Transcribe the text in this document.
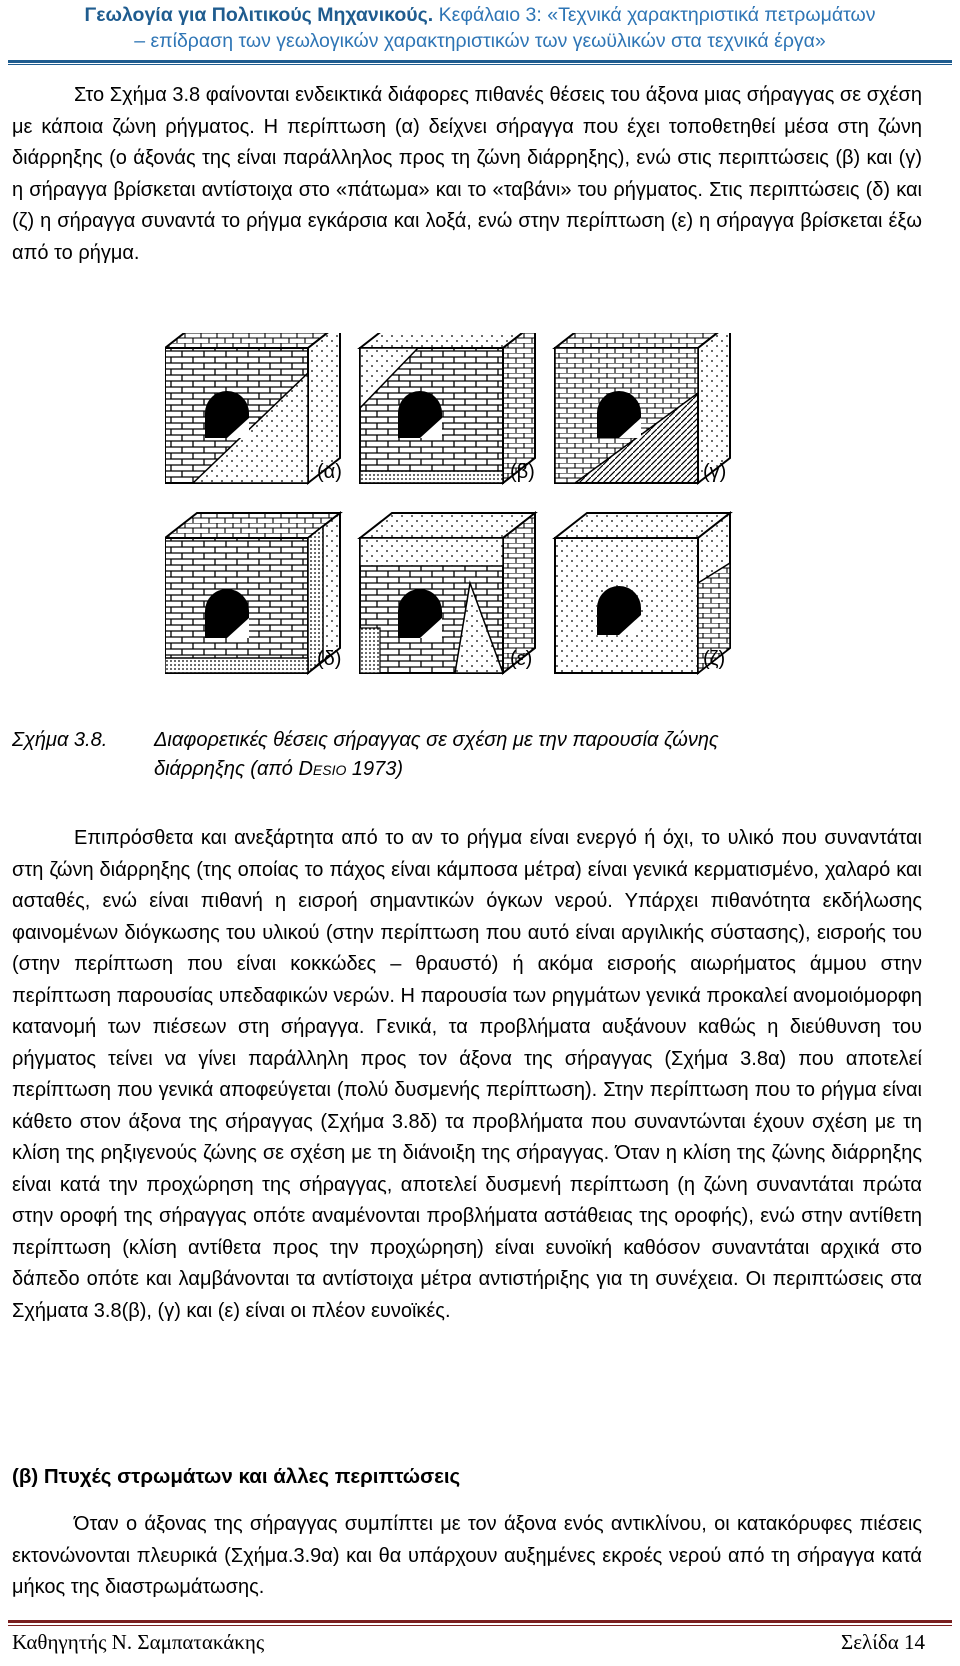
Γεωλογία για Πολιτικούς Μηχανικούς. Κεφάλαιο 3: «Τεχνικά χαρακτηριστικά πετρωμάτων
– επίδραση των γεωλογικών χαρακτηριστικών των γεωϋλικών στα τεχνικά έργα»

Στο Σχήμα 3.8 φαίνονται ενδεικτικά διάφορες πιθανές θέσεις του άξονα μιας σήραγγας σε σχέση με κάποια ζώνη ρήγματος. Η περίπτωση (α) δείχνει σήραγγα που έχει τοποθετηθεί μέσα στη ζώνη διάρρηξης (ο άξονάς της είναι παράλληλος προς τη ζώνη διάρρηξης), ενώ στις περιπτώσεις (β) και (γ) η σήραγγα βρίσκεται αντίστοιχα στο «πάτωμα» και το «ταβάνι» του ρήγματος. Στις περιπτώσεις (δ) και (ζ) η σήραγγα συναντά το ρήγμα εγκάρσια και λοξά, ενώ στην περίπτωση (ε) η σήραγγα βρίσκεται έξω από το ρήγμα.

(α)	(β)	(γ)
(δ)	(ε)	(ζ)
Σχήμα 3.8. Διαφορετικές θέσεις σήραγγας σε σχέση με την παρουσία ζώνης
διάρρηξης (από Desio 1973)

Επιπρόσθετα και ανεξάρτητα από το αν το ρήγμα είναι ενεργό ή όχι, το υλικό που συναντάται στη ζώνη διάρρηξης (της οποίας το πάχος είναι κάμποσα μέτρα) είναι γενικά κερματισμένο, χαλαρό και ασταθές, ενώ είναι πιθανή η εισροή σημαντικών όγκων νερού. Υπάρχει πιθανότητα εκδήλωσης φαινομένων διόγκωσης του υλικού (στην περίπτωση που αυτό είναι αργιλικής σύστασης), εισροής του (στην περίπτωση που είναι κοκκώδες – θραυστό) ή ακόμα εισροής αιωρήματος άμμου στην περίπτωση παρουσίας υπεδαφικών νερών. Η παρουσία των ρηγμάτων γενικά προκαλεί ανομοιόμορφη κατανομή των πιέσεων στη σήραγγα. Γενικά, τα προβλήματα αυξάνουν καθώς η διεύθυνση του ρήγματος τείνει να γίνει παράλληλη προς τον άξονα της σήραγγας (Σχήμα 3.8α) που αποτελεί περίπτωση που γενικά αποφεύγεται (πολύ δυσμενής περίπτωση). Στην περίπτωση που το ρήγμα είναι κάθετο στον άξονα της σήραγγας (Σχήμα 3.8δ) τα προβλήματα που συναντώνται έχουν σχέση με τη κλίση της ρηξιγενούς ζώνης σε σχέση με τη διάνοιξη της σήραγγας. Όταν η κλίση της ζώνης διάρρηξης είναι κατά την προχώρηση της σήραγγας, αποτελεί δυσμενή περίπτωση (η ζώνη συναντάται πρώτα στην οροφή της σήραγγας οπότε αναμένονται προβλήματα αστάθειας της οροφής), ενώ στην αντίθετη περίπτωση (κλίση αντίθετα προς την προχώρηση) είναι ευνοϊκή καθόσον συναντάται αρχικά στο δάπεδο οπότε και λαμβάνονται τα αντίστοιχα μέτρα αντιστήριξης για τη συνέχεια. Οι περιπτώσεις στα Σχήματα 3.8(β), (γ) και (ε) είναι οι πλέον ευνοϊκές.

(β) Πτυχές στρωμάτων και άλλες περιπτώσεις

Όταν ο άξονας της σήραγγας συμπίπτει με τον άξονα ενός αντικλίνου, οι κατακόρυφες πιέσεις εκτονώνονται πλευρικά (Σχήμα.3.9α) και θα υπάρχουν αυξημένες εκροές νερού από τη σήραγγα κατά μήκος της διαστρωμάτωσης.

Καθηγητής Ν. Σαμπατακάκης	Σελίδα 14
